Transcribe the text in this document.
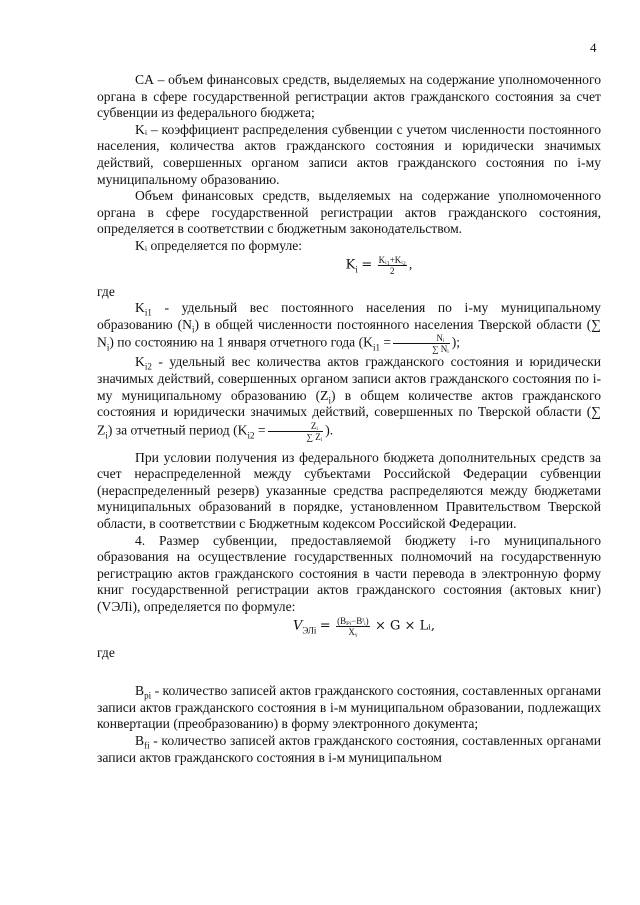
4

CА – объем финансовых средств, выделяемых на содержание уполномоченного органа в сфере государственной регистрации актов гражданского состояния за счет субвенции из федерального бюджета;

Kᵢ – коэффициент распределения субвенции с учетом численности постоянного населения, количества актов гражданского состояния и юридически значимых действий, совершенных органом записи актов гражданского состояния по i-му муниципальному образованию.

Объем финансовых средств, выделяемых на содержание уполномоченного органа в сфере государственной регистрации актов гражданского состояния, определяется в соответствии с бюджетным законодательством.

Kᵢ определяется по формуле:

$K_i = \frac{\text{Kᵢ₁+Kᵢ₂}}{2}$ ,

где

$K_{i1}$ - удельный вес постоянного населения по i-му муниципальному образованию $(N_i)$ в общей численности постоянного населения Тверской области (∑ $N_i$) по состоянию на 1 января отчетного года ($K_{i1} = \frac{\text{Nᵢ}}{\text{∑ Nᵢ}}$ );

$K_{i2}$ - удельный вес количества актов гражданского состояния и юридически значимых действий, совершенных органом записи актов гражданского состояния по i-му муниципальному образованию $(Z_i)$ в общем количестве актов гражданского состояния и юридически значимых действий, совершенных по Тверской области (∑ $Z_i$) за отчетный период ($K_{i2} = \frac{\text{Zᵢ}}{\text{∑ Zᵢ}}$ ).

При условии получения из федерального бюджета дополнительных средств за счет нераспределенной между субъектами Российской Федерации субвенции (нераспределенный резерв) указанные средства распределяются между бюджетами муниципальных образований в порядке, установленном Правительством Тверской области, в соответствии с Бюджетным кодексом Российской Федерации.

4. Размер субвенции, предоставляемой бюджету i-го муниципального образования на осуществление государственных полномочий на государственную регистрацию актов гражданского состояния в части перевода в электронную форму книг государственной регистрации актов гражданского состояния (актовых книг) (VЭЛi), определяется по формуле:

$V_{ЭЛi} = \frac{\text{(Bₚᵢ−Bᶠᵢ)}}{\text{Xᵧ}} \times G$ × Lᵢ,

где

$B_{pi}$ - количество записей актов гражданского состояния, составленных органами записи актов гражданского состояния в i-м муниципальном образовании, подлежащих конвертации (преобразованию) в форму электронного документа;

$B_{fi}$ - количество записей актов гражданского состояния, составленных органами записи актов гражданского состояния в i-м муниципальном
